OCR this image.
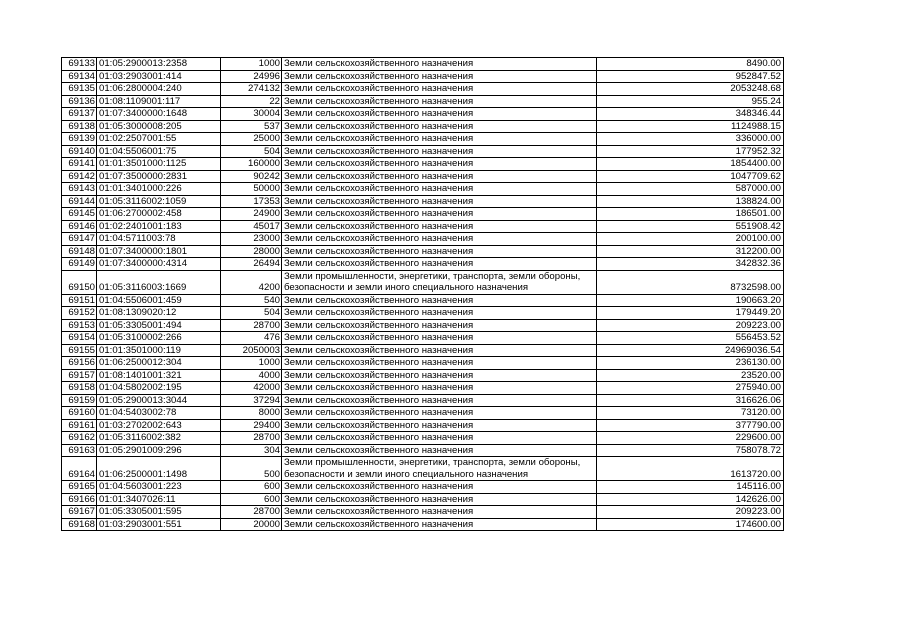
69133	01:05:2900013:2358	1000	Земли сельскохозяйственного назначения	8490.00
69134	01:03:2903001:414	24996	Земли сельскохозяйственного назначения	952847.52
69135	01:06:2800004:240	274132	Земли сельскохозяйственного назначения	2053248.68
69136	01:08:1109001:117	22	Земли сельскохозяйственного назначения	955.24
69137	01:07:3400000:1648	30004	Земли сельскохозяйственного назначения	348346.44
69138	01:05:3000008:205	537	Земли сельскохозяйственного назначения	1124988.15
69139	01:02:2507001:55	25000	Земли сельскохозяйственного назначения	336000.00
69140	01:04:5506001:75	504	Земли сельскохозяйственного назначения	177952.32
69141	01:01:3501000:1125	160000	Земли сельскохозяйственного назначения	1854400.00
69142	01:07:3500000:2831	90242	Земли сельскохозяйственного назначения	1047709.62
69143	01:01:3401000:226	50000	Земли сельскохозяйственного назначения	587000.00
69144	01:05:3116002:1059	17353	Земли сельскохозяйственного назначения	138824.00
69145	01:06:2700002:458	24900	Земли сельскохозяйственного назначения	186501.00
69146	01:02:2401001:183	45017	Земли сельскохозяйственного назначения	551908.42
69147	01:04:5711003:78	23000	Земли сельскохозяйственного назначения	200100.00
69148	01:07:3400000:1801	28000	Земли сельскохозяйственного назначения	312200.00
69149	01:07:3400000:4314	26494	Земли сельскохозяйственного назначения	342832.36
69150	01:05:3116003:1669	4200	Земли промышленности, энергетики, транспорта, земли обороны, безопасности и земли иного специального назначения	8732598.00
69151	01:04:5506001:459	540	Земли сельскохозяйственного назначения	190663.20
69152	01:08:1309020:12	504	Земли сельскохозяйственного назначения	179449.20
69153	01:05:3305001:494	28700	Земли сельскохозяйственного назначения	209223.00
69154	01:05:3100002:266	476	Земли сельскохозяйственного назначения	556453.52
69155	01:01:3501000:119	2050003	Земли сельскохозяйственного назначения	24969036.54
69156	01:06:2500012:304	1000	Земли сельскохозяйственного назначения	236130.00
69157	01:08:1401001:321	4000	Земли сельскохозяйственного назначения	23520.00
69158	01:04:5802002:195	42000	Земли сельскохозяйственного назначения	275940.00
69159	01:05:2900013:3044	37294	Земли сельскохозяйственного назначения	316626.06
69160	01:04:5403002:78	8000	Земли сельскохозяйственного назначения	73120.00
69161	01:03:2702002:643	29400	Земли сельскохозяйственного назначения	377790.00
69162	01:05:3116002:382	28700	Земли сельскохозяйственного назначения	229600.00
69163	01:05:2901009:296	304	Земли сельскохозяйственного назначения	758078.72
69164	01:06:2500001:1498	500	Земли промышленности, энергетики, транспорта, земли обороны, безопасности и земли иного специального назначения	1613720.00
69165	01:04:5603001:223	600	Земли сельскохозяйственного назначения	145116.00
69166	01:01:3407026:11	600	Земли сельскохозяйственного назначения	142626.00
69167	01:05:3305001:595	28700	Земли сельскохозяйственного назначения	209223.00
69168	01:03:2903001:551	20000	Земли сельскохозяйственного назначения	174600.00
